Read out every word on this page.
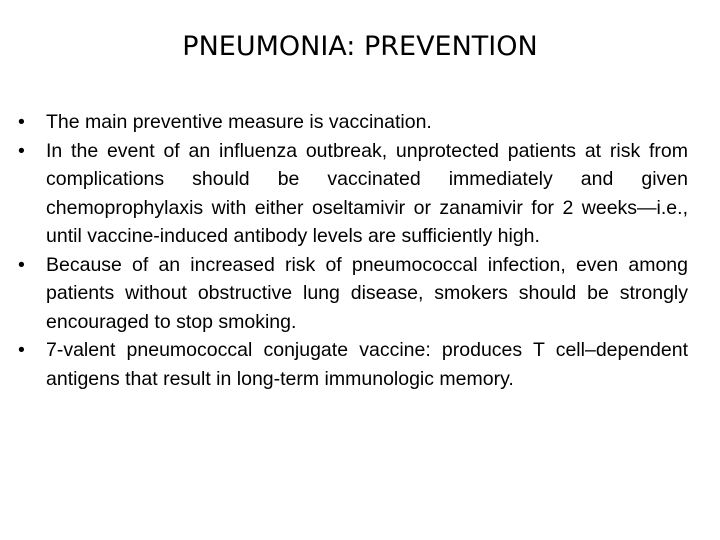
PNEUMONIA: PREVENTION
•	The main preventive measure is vaccination.
•	In the event of an influenza outbreak, unprotected patients at risk from complications should be vaccinated immediately and given chemoprophylaxis with either oseltamivir or zanamivir for 2 weeks—i.e., until vaccine-induced antibody levels are sufficiently high.
•	Because of an increased risk of pneumococcal infection, even among patients without obstructive lung disease, smokers should be strongly encouraged to stop smoking.
•	7-valent pneumococcal conjugate vaccine: produces T cell–dependent antigens that result in long-term immunologic memory.
